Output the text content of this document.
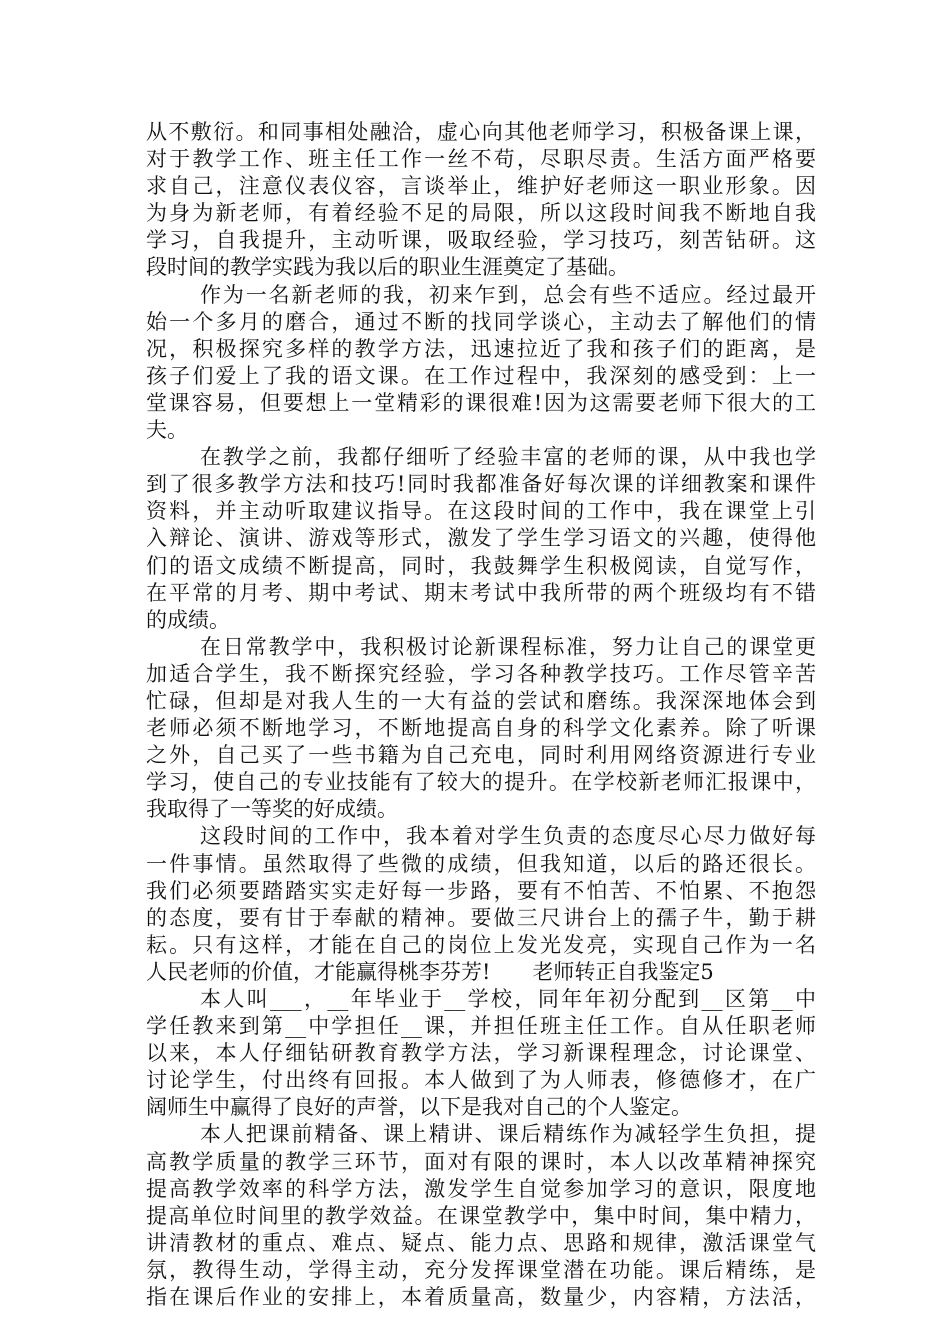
从不敷衍。和同事相处融洽，虚心向其他老师学习，积极备课上课，
对于教学工作、班主任工作一丝不苟，尽职尽责。生活方面严格要
求自己，注意仪表仪容，言谈举止，维护好老师这一职业形象。因
为身为新老师，有着经验不足的局限，所以这段时间我不断地自我
学习，自我提升，主动听课，吸取经验，学习技巧，刻苦钻研。这
段时间的教学实践为我以后的职业生涯奠定了基础。
作为一名新老师的我，初来乍到，总会有些不适应。经过最开
始一个多月的磨合，通过不断的找同学谈心，主动去了解他们的情
况，积极探究多样的教学方法，迅速拉近了我和孩子们的距离，是
孩子们爱上了我的语文课。在工作过程中，我深刻的感受到：上一
堂课容易，但要想上一堂精彩的课很难!因为这需要老师下很大的工
夫。
在教学之前，我都仔细听了经验丰富的老师的课，从中我也学
到了很多教学方法和技巧!同时我都准备好每次课的详细教案和课件
资料，并主动听取建议指导。在这段时间的工作中，我在课堂上引
入辩论、演讲、游戏等形式，激发了学生学习语文的兴趣，使得他
们的语文成绩不断提高，同时，我鼓舞学生积极阅读，自觉写作，
在平常的月考、期中考试、期末考试中我所带的两个班级均有不错
的成绩。
在日常教学中，我积极讨论新课程标准，努力让自己的课堂更
加适合学生，我不断探究经验，学习各种教学技巧。工作尽管辛苦
忙碌，但却是对我人生的一大有益的尝试和磨练。我深深地体会到
老师必须不断地学习，不断地提高自身的科学文化素养。除了听课
之外，自己买了一些书籍为自己充电，同时利用网络资源进行专业
学习，使自己的专业技能有了较大的提升。在学校新老师汇报课中，
我取得了一等奖的好成绩。
这段时间的工作中，我本着对学生负责的态度尽心尽力做好每
一件事情。虽然取得了些微的成绩，但我知道，以后的路还很长。
我们必须要踏踏实实走好每一步路，要有不怕苦、不怕累、不抱怨
的态度，要有甘于奉献的精神。要做三尺讲台上的孺子牛，勤于耕
耘。只有这样，才能在自己的岗位上发光发亮，实现自己作为一名
人民老师的价值，才能赢得桃李芬芳!　　老师转正自我鉴定5
本人叫___，__年毕业于__学校，同年年初分配到__区第__中
学任教来到第__中学担任__课，并担任班主任工作。自从任职老师
以来，本人仔细钻研教育教学方法，学习新课程理念，讨论课堂、
讨论学生，付出终有回报。本人做到了为人师表，修德修才，在广
阔师生中赢得了良好的声誉，以下是我对自己的个人鉴定。
本人把课前精备、课上精讲、课后精练作为减轻学生负担，提
高教学质量的教学三环节，面对有限的课时，本人以改革精神探究
提高教学效率的科学方法，激发学生自觉参加学习的意识，限度地
提高单位时间里的教学效益。在课堂教学中，集中时间，集中精力，
讲清教材的重点、难点、疑点、能力点、思路和规律，激活课堂气
氛，教得生动，学得主动，充分发挥课堂潜在功能。课后精练，是
指在课后作业的安排上，本着质量高，数量少，内容精，方法活，
